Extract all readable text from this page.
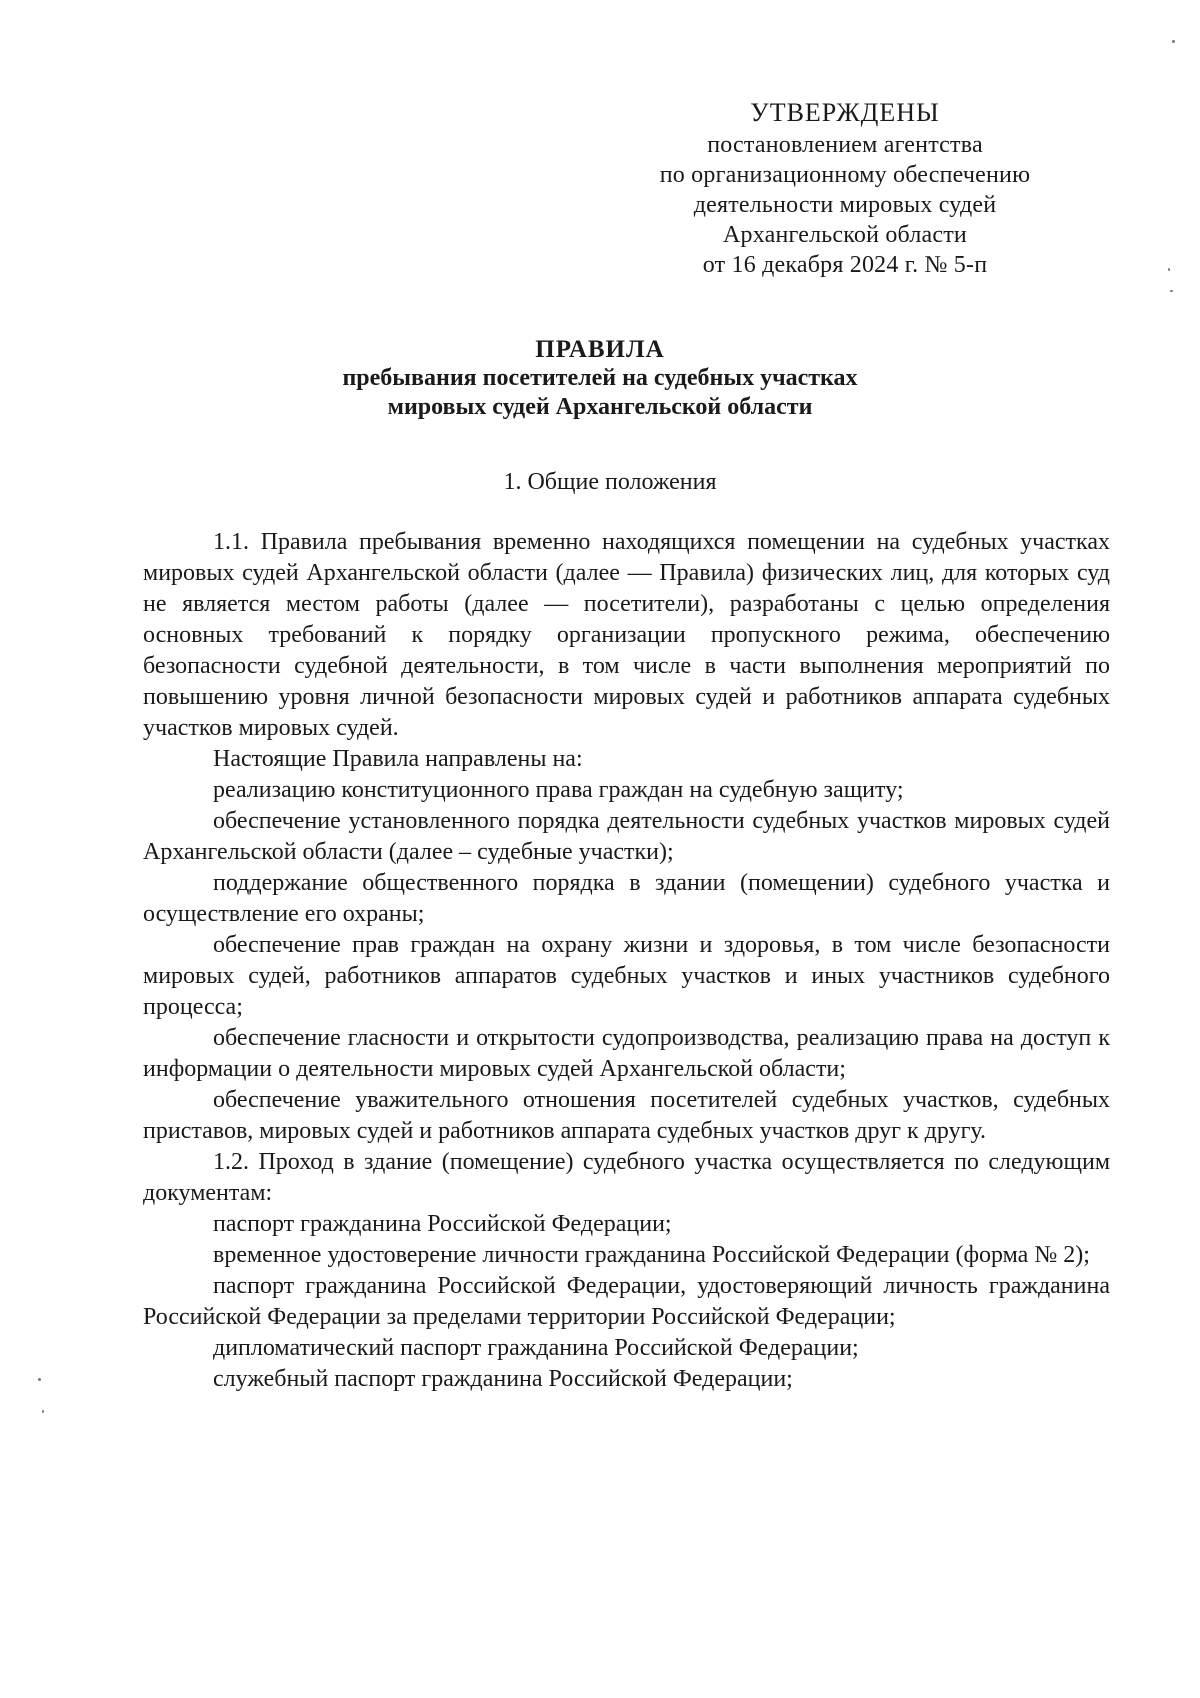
УТВЕРЖДЕНЫ
постановлением агентства
по организационному обеспечению
деятельности мировых судей
Архангельской области
от 16 декабря 2024 г. № 5-п
ПРАВИЛА
пребывания посетителей на судебных участках
мировых судей Архангельской области
1. Общие положения

1.1. Правила пребывания временно находящихся помещении на судебных участках мировых судей Архангельской области (далее — Правила) физических лиц, для которых суд не является местом работы (далее — посетители), разработаны с целью определения основных требований к порядку организации пропускного режима, обеспечению безопасности судебной деятельности, в том числе в части выполнения мероприятий по повышению уровня личной безопасности мировых судей и работников аппарата судебных участков мировых судей.

Настоящие Правила направлены на:

реализацию конституционного права граждан на судебную защиту;

обеспечение установленного порядка деятельности судебных участков мировых судей Архангельской области (далее – судебные участки);

поддержание общественного порядка в здании (помещении) судебного участка и осуществление его охраны;

обеспечение прав граждан на охрану жизни и здоровья, в том числе безопасности мировых судей, работников аппаратов судебных участков и иных участников судебного процесса;

обеспечение гласности и открытости судопроизводства, реализацию права на доступ к информации о деятельности мировых судей Архангельской области;

обеспечение уважительного отношения посетителей судебных участков, судебных приставов, мировых судей и работников аппарата судебных участков друг к другу.

1.2. Проход в здание (помещение) судебного участка осуществляется по следующим документам:

паспорт гражданина Российской Федерации;

временное удостоверение личности гражданина Российской Федерации (форма № 2);

паспорт гражданина Российской Федерации, удостоверяющий личность гражданина Российской Федерации за пределами территории Российской Федерации;

дипломатический паспорт гражданина Российской Федерации;

служебный паспорт гражданина Российской Федерации;
